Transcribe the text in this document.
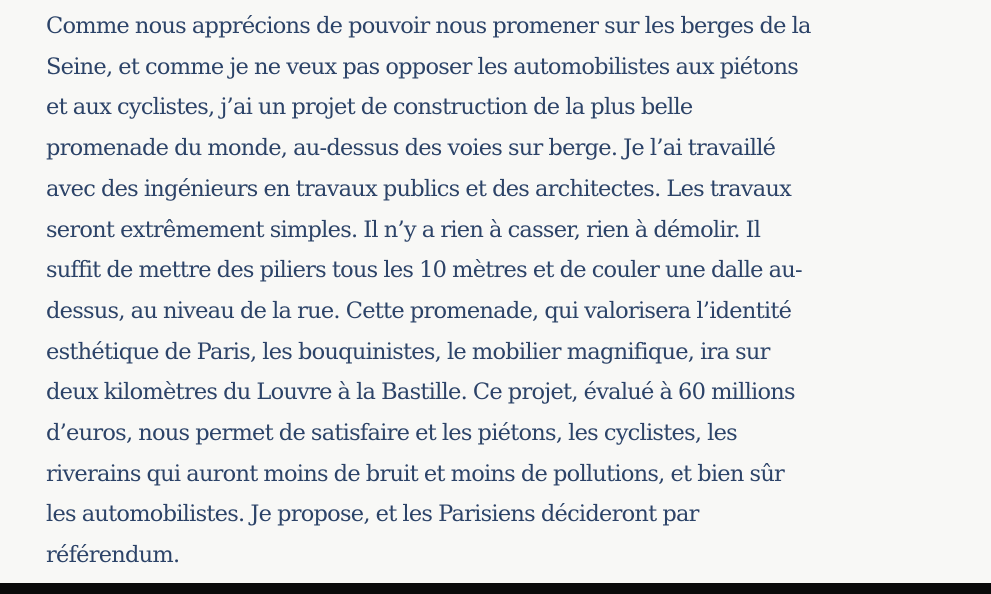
Comme nous apprécions de pouvoir nous promener sur les berges de la
Seine, et comme je ne veux pas opposer les automobilistes aux piétons
et aux cyclistes, j’ai un projet de construction de la plus belle
promenade du monde, au-dessus des voies sur berge. Je l’ai travaillé
avec des ingénieurs en travaux publics et des architectes. Les travaux
seront extrêmement simples. Il n’y a rien à casser, rien à démolir. Il
suffit de mettre des piliers tous les 10 mètres et de couler une dalle au-
dessus, au niveau de la rue. Cette promenade, qui valorisera l’identité
esthétique de Paris, les bouquinistes, le mobilier magnifique, ira sur
deux kilomètres du Louvre à la Bastille. Ce projet, évalué à 60 millions
d’euros, nous permet de satisfaire et les piétons, les cyclistes, les
riverains qui auront moins de bruit et moins de pollutions, et bien sûr
les automobilistes. Je propose, et les Parisiens décideront par
référendum.
